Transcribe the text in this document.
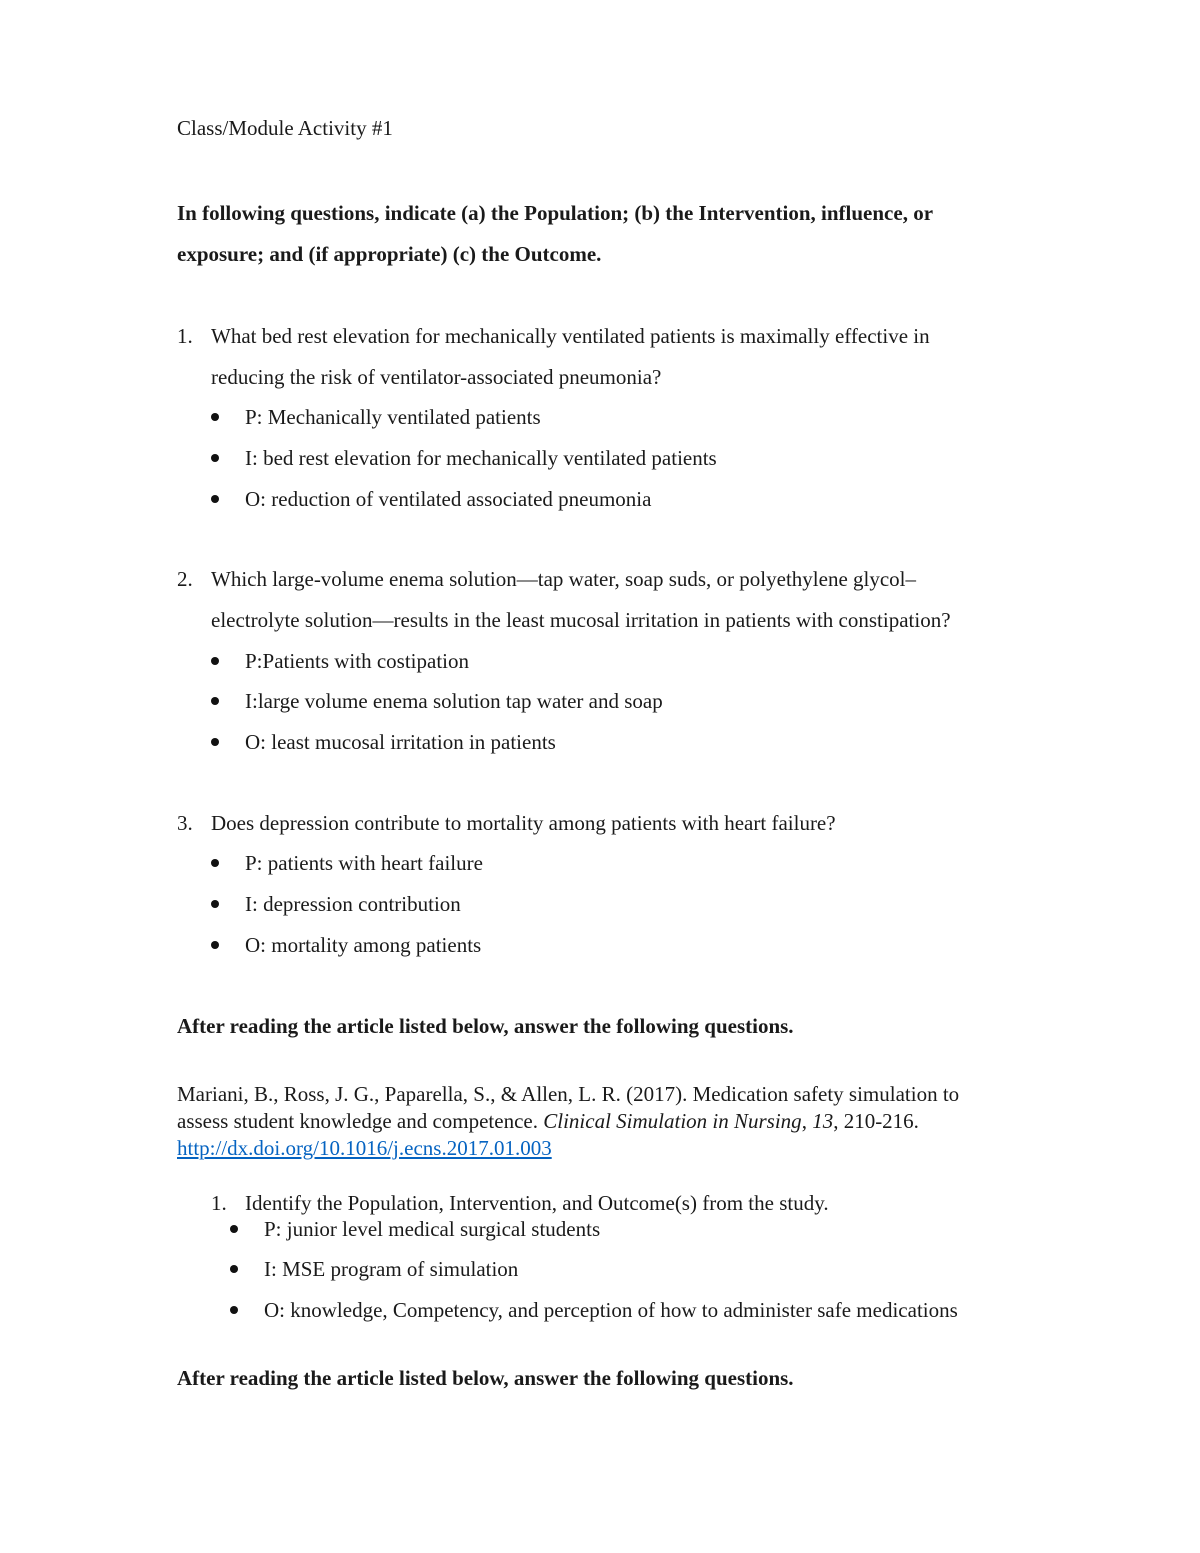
Class/Module Activity #1
In following questions, indicate (a) the Population; (b) the Intervention, influence, or
exposure; and (if appropriate) (c) the Outcome.
1. What bed rest elevation for mechanically ventilated patients is maximally effective in
reducing the risk of ventilator-associated pneumonia?
P: Mechanically ventilated patients
I: bed rest elevation for mechanically ventilated patients
O: reduction of ventilated associated pneumonia
2. Which large-volume enema solution—tap water, soap suds, or polyethylene glycol–
electrolyte solution—results in the least mucosal irritation in patients with constipation?
P:Patients with costipation
I:large volume enema solution tap water and soap
O: least mucosal irritation in patients
3. Does depression contribute to mortality among patients with heart failure?
P: patients with heart failure
I: depression contribution
O: mortality among patients
After reading the article listed below, answer the following questions.
Mariani, B., Ross, J. G., Paparella, S., & Allen, L. R. (2017). Medication safety simulation to
assess student knowledge and competence. Clinical Simulation in Nursing, 13, 210-216.
http://dx.doi.org/10.1016/j.ecns.2017.01.003
1. Identify the Population, Intervention, and Outcome(s) from the study.
P: junior level medical surgical students
I: MSE program of simulation
O: knowledge, Competency, and perception of how to administer safe medications
After reading the article listed below, answer the following questions.
